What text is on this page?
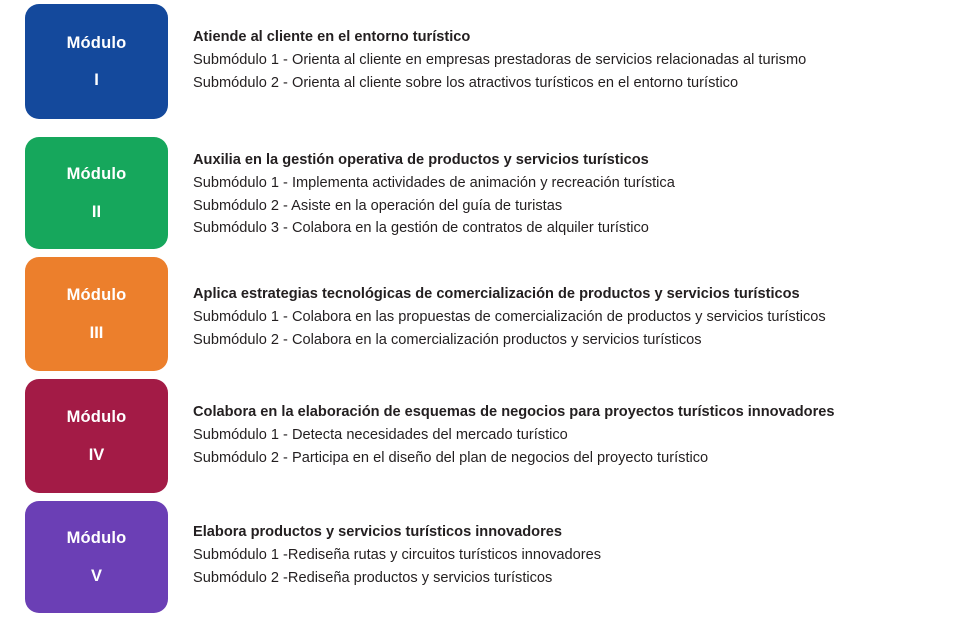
Módulo
I

Atiende al cliente en el entorno turístico

Submódulo 1 - Orienta al cliente en empresas prestadoras de servicios relacionadas al turismo
Submódulo 2 - Orienta al cliente sobre los atractivos turísticos en el entorno turístico
Módulo
II

Auxilia en la gestión operativa de productos y servicios turísticos

Submódulo 1 - Implementa actividades de animación y recreación turística
Submódulo 2 - Asiste en la operación del guía de turistas
Submódulo 3 - Colabora en la gestión de contratos de alquiler turístico
Módulo
III

Aplica estrategias tecnológicas de comercialización de productos y servicios turísticos

Submódulo 1 - Colabora en las propuestas de comercialización de productos y servicios turísticos
Submódulo 2 - Colabora en la comercialización productos y servicios turísticos
Módulo
IV

Colabora en la elaboración de esquemas de negocios para proyectos turísticos innovadores

Submódulo 1 - Detecta necesidades del mercado turístico
Submódulo 2 - Participa en el diseño del plan de negocios del proyecto turístico
Módulo
V

Elabora productos y servicios turísticos innovadores

Submódulo 1 -Rediseña rutas y circuitos turísticos innovadores
Submódulo 2 -Rediseña productos y servicios turísticos
